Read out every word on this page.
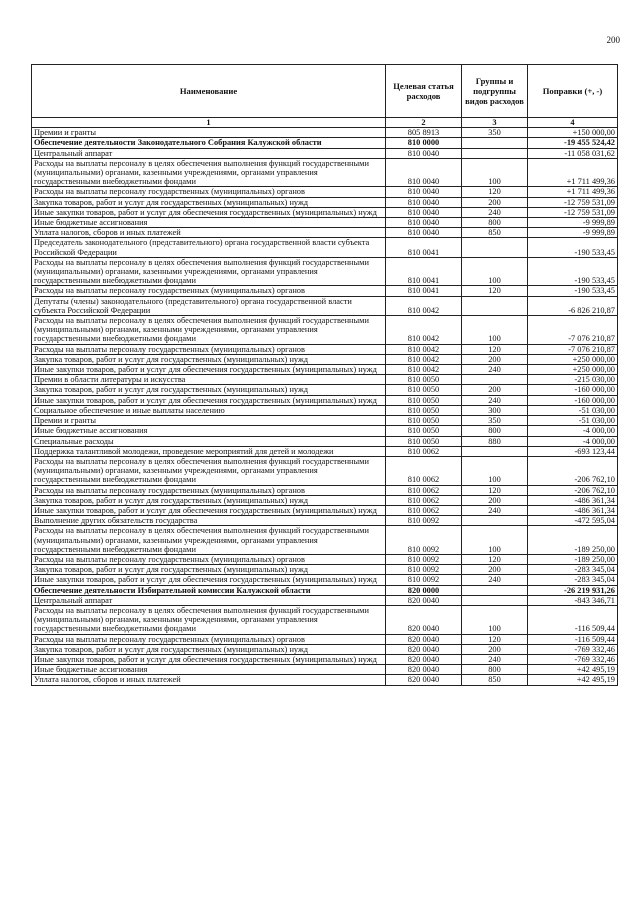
200
Наименование	Целевая статья расходов	Группы и подгруппы видов расходов	Поправки (+, -)
1	2	3	4
Премии и гранты	805 8913	350	+150 000,00
Обеспечение деятельности Законодательного Собрания Калужской области	810 0000		-19 455 524,42
Центральный аппарат	810 0040		-11 058 031,62
Расходы на выплаты персоналу в целях обеспечения выполнения функций государственными (муниципальными) органами, казенными учреждениями, органами управления государственными внебюджетными фондами	810 0040	100	+1 711 499,36
Расходы на выплаты персоналу государственных (муниципальных) органов	810 0040	120	+1 711 499,36
Закупка товаров, работ и услуг для государственных (муниципальных) нужд	810 0040	200	-12 759 531,09
Иные закупки товаров, работ и услуг для обеспечения государственных (муниципальных) нужд	810 0040	240	-12 759 531,09
Иные бюджетные ассигнования	810 0040	800	-9 999,89
Уплата налогов, сборов и иных платежей	810 0040	850	-9 999,89
Председатель законодательного (представительного) органа государственной власти субъекта Российской Федерации	810 0041		-190 533,45
Расходы на выплаты персоналу в целях обеспечения выполнения функций государственными (муниципальными) органами, казенными учреждениями, органами управления государственными внебюджетными фондами	810 0041	100	-190 533,45
Расходы на выплаты персоналу государственных (муниципальных) органов	810 0041	120	-190 533,45
Депутаты (члены) законодательного (представительного) органа государственной власти субъекта Российской Федерации	810 0042		-6 826 210,87
Расходы на выплаты персоналу в целях обеспечения выполнения функций государственными (муниципальными) органами, казенными учреждениями, органами управления государственными внебюджетными фондами	810 0042	100	-7 076 210,87
Расходы на выплаты персоналу государственных (муниципальных) органов	810 0042	120	-7 076 210,87
Закупка товаров, работ и услуг для государственных (муниципальных) нужд	810 0042	200	+250 000,00
Иные закупки товаров, работ и услуг для обеспечения государственных (муниципальных) нужд	810 0042	240	+250 000,00
Премии в области литературы и искусства	810 0050		-215 030,00
Закупка товаров, работ и услуг для государственных (муниципальных) нужд	810 0050	200	-160 000,00
Иные закупки товаров, работ и услуг для обеспечения государственных (муниципальных) нужд	810 0050	240	-160 000,00
Социальное обеспечение и иные выплаты населению	810 0050	300	-51 030,00
Премии и гранты	810 0050	350	-51 030,00
Иные бюджетные ассигнования	810 0050	800	-4 000,00
Специальные расходы	810 0050	880	-4 000,00
Поддержка талантливой молодежи, проведение мероприятий для детей и молодежи	810 0062		-693 123,44
Расходы на выплаты персоналу в целях обеспечения выполнения функций государственными (муниципальными) органами, казенными учреждениями, органами управления государственными внебюджетными фондами	810 0062	100	-206 762,10
Расходы на выплаты персоналу государственных (муниципальных) органов	810 0062	120	-206 762,10
Закупка товаров, работ и услуг для государственных (муниципальных) нужд	810 0062	200	-486 361,34
Иные закупки товаров, работ и услуг для обеспечения государственных (муниципальных) нужд	810 0062	240	-486 361,34
Выполнение других обязательств государства	810 0092		-472 595,04
Расходы на выплаты персоналу в целях обеспечения выполнения функций государственными (муниципальными) органами, казенными учреждениями, органами управления государственными внебюджетными фондами	810 0092	100	-189 250,00
Расходы на выплаты персоналу государственных (муниципальных) органов	810 0092	120	-189 250,00
Закупка товаров, работ и услуг для государственных (муниципальных) нужд	810 0092	200	-283 345,04
Иные закупки товаров, работ и услуг для обеспечения государственных (муниципальных) нужд	810 0092	240	-283 345,04
Обеспечение деятельности Избирательной комиссии Калужской области	820 0000		-26 219 931,26
Центральный аппарат	820 0040		-843 346,71
Расходы на выплаты персоналу в целях обеспечения выполнения функций государственными (муниципальными) органами, казенными учреждениями, органами управления государственными внебюджетными фондами	820 0040	100	-116 509,44
Расходы на выплаты персоналу государственных (муниципальных) органов	820 0040	120	-116 509,44
Закупка товаров, работ и услуг для государственных (муниципальных) нужд	820 0040	200	-769 332,46
Иные закупки товаров, работ и услуг для обеспечения государственных (муниципальных) нужд	820 0040	240	-769 332,46
Иные бюджетные ассигнования	820 0040	800	+42 495,19
Уплата налогов, сборов и иных платежей	820 0040	850	+42 495,19
